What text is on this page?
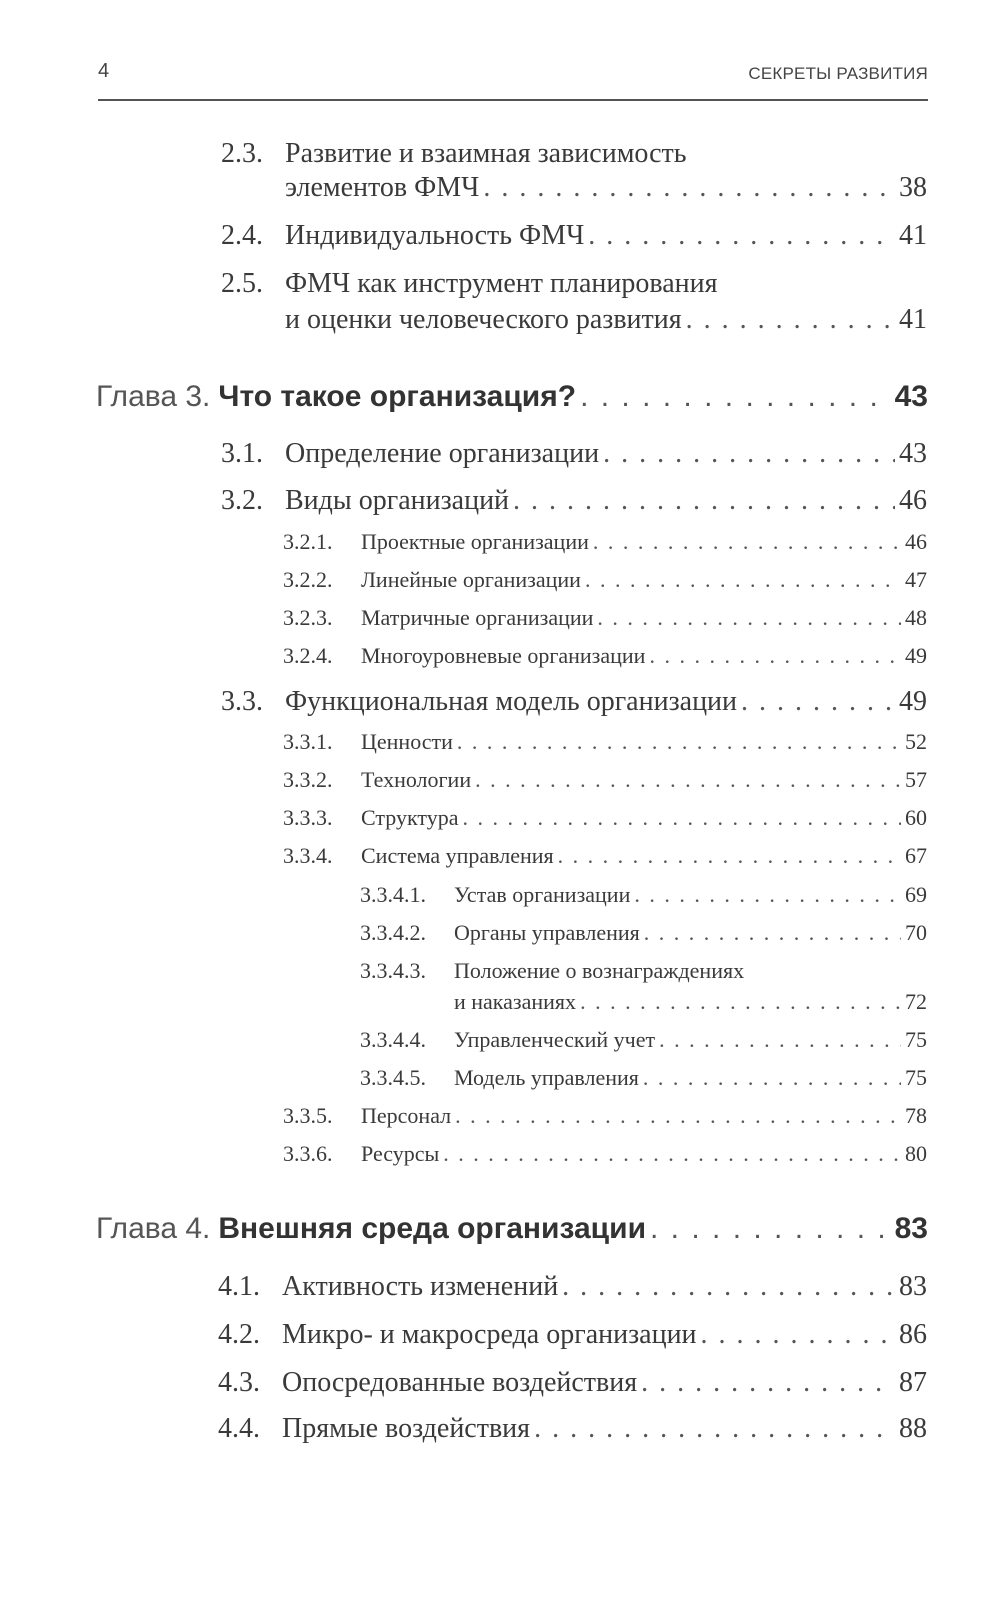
4	СЕКРЕТЫ РАЗВИТИЯ
2.3. Развитие и взаимная зависимость
элементов ФМЧ . . .	38
2.4. Индивидуальность ФМЧ . . .	41
2.5. ФМЧ как инструмент планирования
и оценки человеческого развития . . .	41
Глава 3. Что такое организация? . . .	43
3.1. Определение организации . . .	43
3.2. Виды организаций . . .	46
3.2.1.	Проектные организации . . .	46
3.2.2.	Линейные организации . . .	47
3.2.3.	Матричные организации . . .	48
3.2.4.	Многоуровневые организации . . .	49
3.3. Функциональная модель организации . . .	49
3.3.1.	Ценности . . .	52
3.3.2.	Технологии . . .	57
3.3.3.	Структура . . .	60
3.3.4.	Система управления . . .	67
3.3.4.1.	Устав организации . . .	69
3.3.4.2.	Органы управления . . .	70
3.3.4.3. Положение о вознаграждениях
и наказаниях . . .	72
3.3.4.4.	Управленческий учет . . .	75
3.3.4.5.	Модель управления . . .	75
3.3.5.	Персонал . . .	78
3.3.6.	Ресурсы . . .	80
Глава 4. Внешняя среда организации . . .	83
4.1. Активность изменений . . .	83
4.2. Микро- и макросреда организации . . .	86
4.3. Опосредованные воздействия . . .	87
4.4. Прямые воздействия . . .	88
